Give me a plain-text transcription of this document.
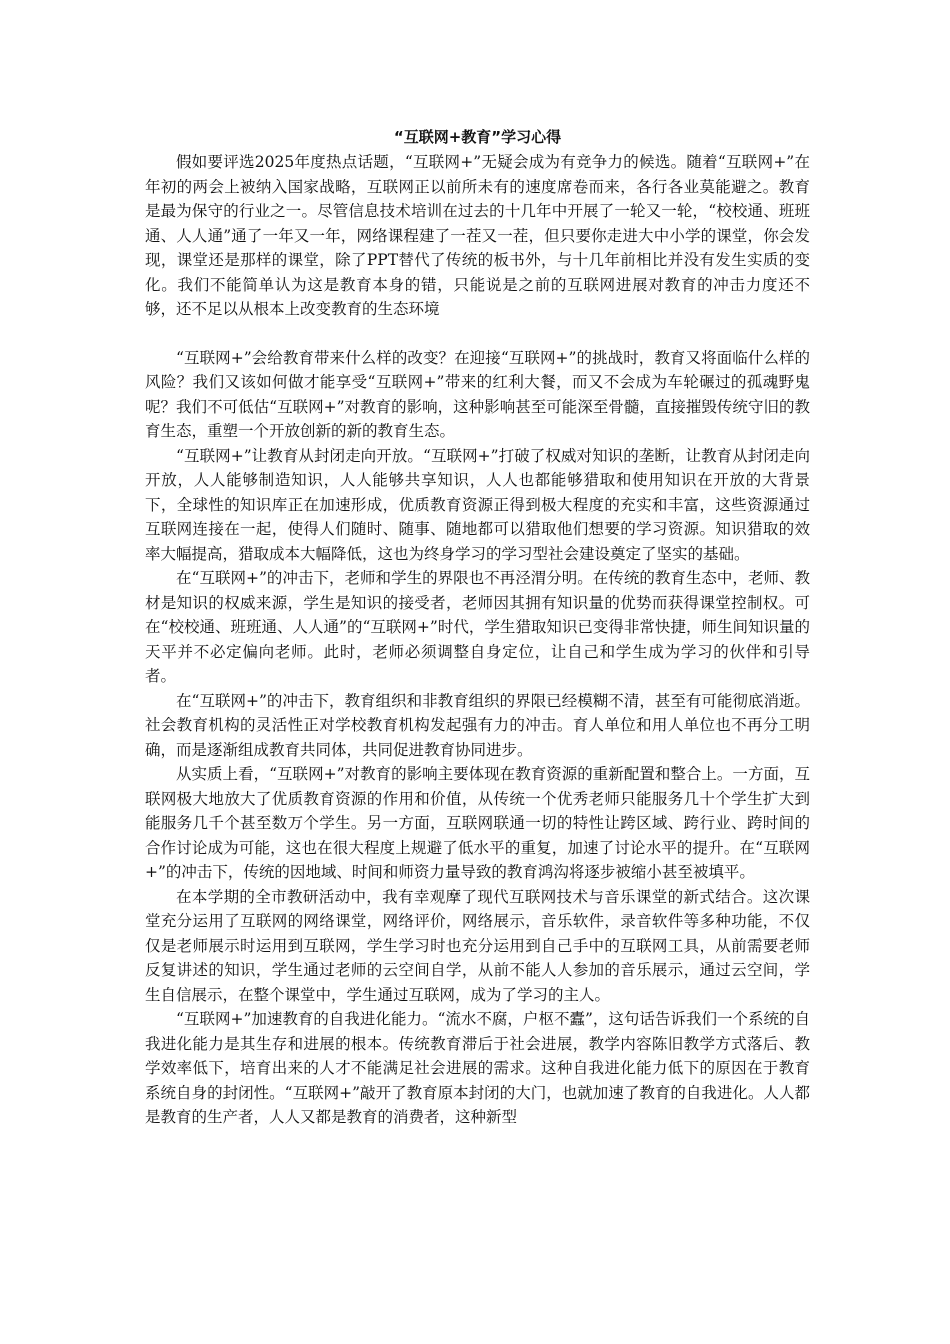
“互联网+教育”学习心得

假如要评选2025年度热点话题，“互联网+”无疑会成为有竞争力的候选。随着“互联网+”在年初的两会上被纳入国家战略，互联网正以前所未有的速度席卷而来，各行各业莫能避之。教育是最为保守的行业之一。尽管信息技术培训在过去的十几年中开展了一轮又一轮，“校校通、班班通、人人通”通了一年又一年，网络课程建了一茬又一茬，但只要你走进大中小学的课堂，你会发现，课堂还是那样的课堂，除了PPT替代了传统的板书外，与十几年前相比并没有发生实质的变化。我们不能简单认为这是教育本身的错，只能说是之前的互联网进展对教育的冲击力度还不够，还不足以从根本上改变教育的生态环境

“互联网+”会给教育带来什么样的改变？在迎接“互联网+”的挑战时，教育又将面临什么样的风险？我们又该如何做才能享受“互联网+”带来的红利大餐，而又不会成为车轮碾过的孤魂野鬼呢？我们不可低估“互联网+”对教育的影响，这种影响甚至可能深至骨髓，直接摧毁传统守旧的教育生态，重塑一个开放创新的新的教育生态。

“互联网+”让教育从封闭走向开放。“互联网+”打破了权威对知识的垄断，让教育从封闭走向开放，人人能够制造知识，人人能够共享知识，人人也都能够猎取和使用知识在开放的大背景下，全球性的知识库正在加速形成，优质教育资源正得到极大程度的充实和丰富，这些资源通过互联网连接在一起，使得人们随时、随事、随地都可以猎取他们想要的学习资源。知识猎取的效率大幅提高，猎取成本大幅降低，这也为终身学习的学习型社会建设奠定了坚实的基础。

在“互联网+”的冲击下，老师和学生的界限也不再泾渭分明。在传统的教育生态中，老师、教材是知识的权威来源，学生是知识的接受者，老师因其拥有知识量的优势而获得课堂控制权。可在“校校通、班班通、人人通”的“互联网+”时代，学生猎取知识已变得非常快捷，师生间知识量的天平并不必定偏向老师。此时，老师必须调整自身定位，让自己和学生成为学习的伙伴和引导者。

在“互联网+”的冲击下，教育组织和非教育组织的界限已经模糊不清，甚至有可能彻底消逝。社会教育机构的灵活性正对学校教育机构发起强有力的冲击。育人单位和用人单位也不再分工明确，而是逐渐组成教育共同体，共同促进教育协同进步。

从实质上看，“互联网+”对教育的影响主要体现在教育资源的重新配置和整合上。一方面，互联网极大地放大了优质教育资源的作用和价值，从传统一个优秀老师只能服务几十个学生扩大到能服务几千个甚至数万个学生。另一方面，互联网联通一切的特性让跨区域、跨行业、跨时间的合作讨论成为可能，这也在很大程度上规避了低水平的重复，加速了讨论水平的提升。在“互联网+”的冲击下，传统的因地域、时间和师资力量导致的教育鸿沟将逐步被缩小甚至被填平。

在本学期的全市教研活动中，我有幸观摩了现代互联网技术与音乐课堂的新式结合。这次课堂充分运用了互联网的网络课堂，网络评价，网络展示，音乐软件，录音软件等多种功能，不仅仅是老师展示时运用到互联网，学生学习时也充分运用到自己手中的互联网工具，从前需要老师反复讲述的知识，学生通过老师的云空间自学，从前不能人人参加的音乐展示，通过云空间，学生自信展示，在整个课堂中，学生通过互联网，成为了学习的主人。

“互联网+”加速教育的自我进化能力。“流水不腐，户枢不蠹”，这句话告诉我们一个系统的自我进化能力是其生存和进展的根本。传统教育滞后于社会进展，教学内容陈旧教学方式落后、教学效率低下，培育出来的人才不能满足社会进展的需求。这种自我进化能力低下的原因在于教育系统自身的封闭性。“互联网+”敲开了教育原本封闭的大门，也就加速了教育的自我进化。人人都是教育的生产者，人人又都是教育的消费者，这种新型
